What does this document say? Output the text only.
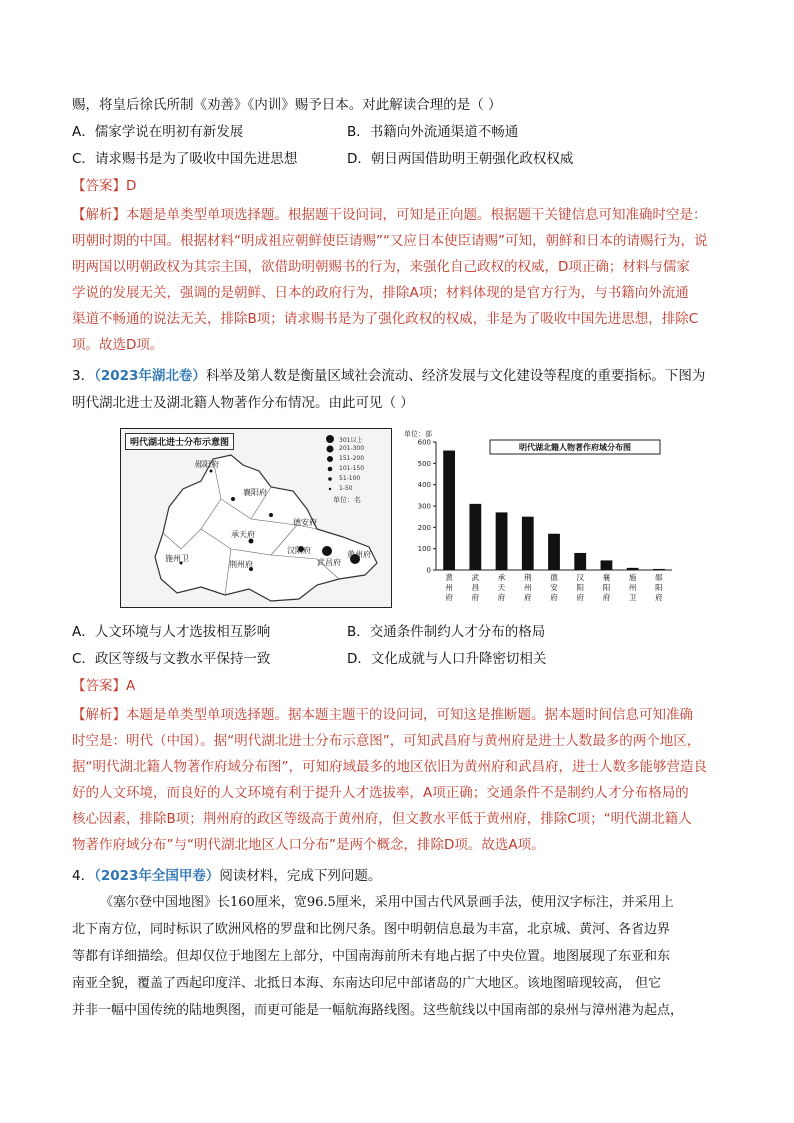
赐，将皇后徐氏所制《劝善》《内训》赐予日本。对此解读合理的是（ ）
A．儒家学说在明初有新发展	B．书籍向外流通渠道不畅通
C．请求赐书是为了吸收中国先进思想	D．朝日两国借助明王朝强化政权权威
【答案】D
【解析】本题是单类型单项选择题。根据题干设问词，可知是正向题。根据题干关键信息可知准确时空是：
明朝时期的中国。根据材料“明成祖应朝鲜使臣请赐”“又应日本使臣请赐”可知，朝鲜和日本的请赐行为，说
明两国以明朝政权为其宗主国，欲借助明朝赐书的行为，来强化自己政权的权威，D项正确；材料与儒家
学说的发展无关，强调的是朝鲜、日本的政府行为，排除A项；材料体现的是官方行为，与书籍向外流通
渠道不畅通的说法无关，排除B项；请求赐书是为了强化政权的权威，非是为了吸收中国先进思想，排除C
项。故选D项。
3．（2023年湖北卷）科举及第人数是衡量区域社会流动、经济发展与文化建设等程度的重要指标。下图为
明代湖北进士及湖北籍人物著作分布情况。由此可见（ ）
明代湖北进士分布示意图	301以上
201-300
151-200
101-150
51-100
1-50
单位：名
郧阳府
襄阳府
德安府
承天府
施州卫
荆州府
汉阳府
武昌府
黄州府
单位：部
0
100
200
300
400
500
600
明代湖北籍人物著作府域分布图
黄州府
武昌府
承天府
荆州府
德安府
汉阳府
襄阳府
施州卫
郧阳府
A．人文环境与人才选拔相互影响	B．交通条件制约人才分布的格局
C．政区等级与文教水平保持一致	D．文化成就与人口升降密切相关
【答案】A
【解析】本题是单类型单项选择题。据本题主题干的设问词，可知这是推断题。据本题时间信息可知准确
时空是：明代（中国）。据“明代湖北进士分布示意图”，可知武昌府与黄州府是进士人数最多的两个地区，
据“明代湖北籍人物著作府域分布图”，可知府域最多的地区依旧为黄州府和武昌府，进士人数多能够营造良
好的人文环境，而良好的人文环境有利于提升人才选拔率，A项正确；交通条件不是制约人才分布格局的
核心因素，排除B项；荆州府的政区等级高于黄州府，但文教水平低于黄州府，排除C项；“明代湖北籍人
物著作府域分布”与“明代湖北地区人口分布”是两个概念，排除D项。故选A项。
4．（2023年全国甲卷）阅读材料，完成下列问题。
《塞尔登中国地图》长160厘米，宽96.5厘米，采用中国古代风景画手法，使用汉字标注，并采用上
北下南方位，同时标识了欧洲风格的罗盘和比例尺条。图中明朝信息最为丰富，北京城、黄河、各省边界
等都有详细描绘。但却仅位于地图左上部分，中国南海前所未有地占据了中央位置。地图展现了东亚和东
南亚全貌，覆盖了西起印度洋、北抵日本海、东南达印尼中部诸岛的广大地区。该地图暗现较高， 但它
并非一幅中国传统的陆地舆图，而更可能是一幅航海路线图。这些航线以中国南部的泉州与漳州港为起点，
